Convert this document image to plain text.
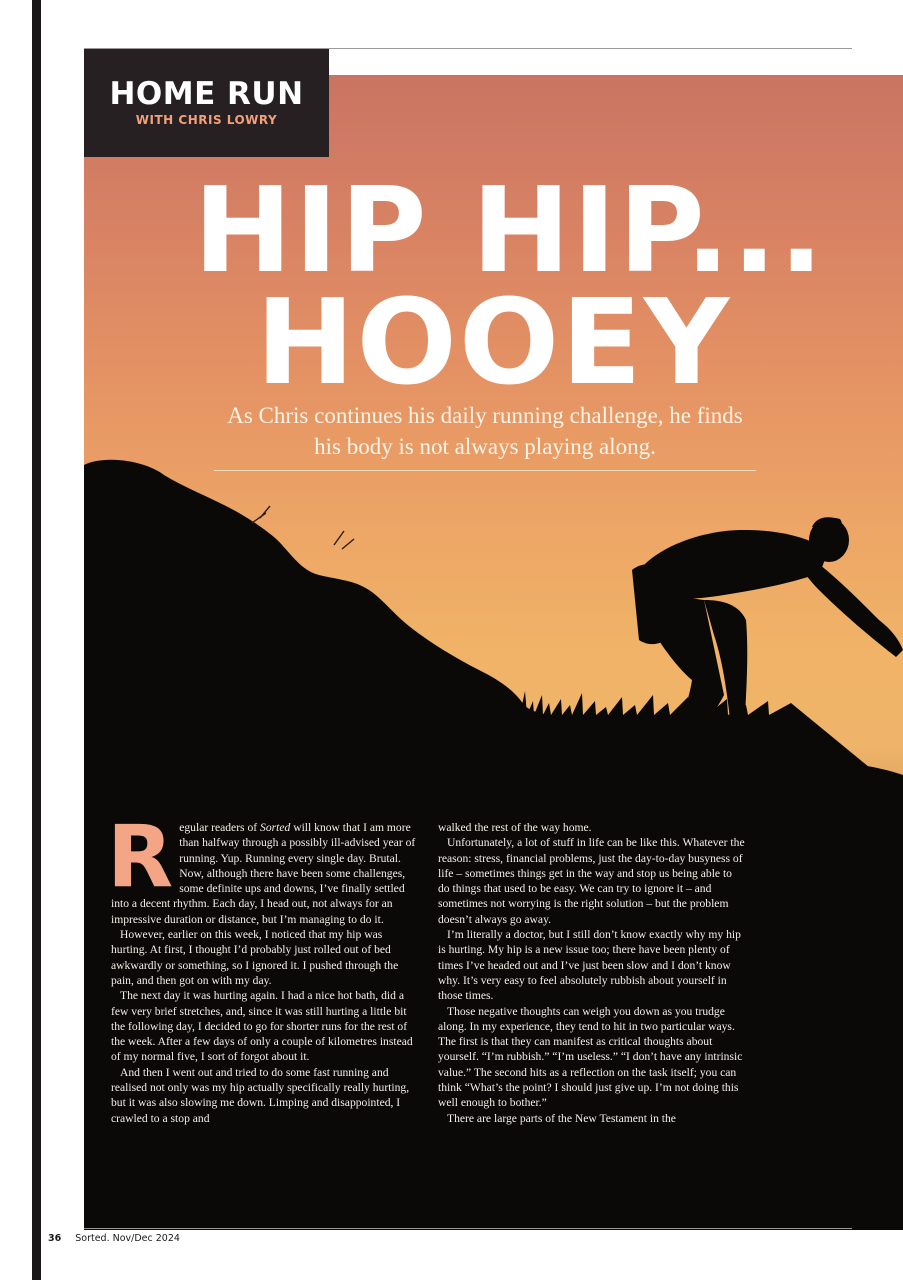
HOME RUN
WITH CHRIS LOWRY
HIP HIP...
HOOEY
As Chris continues his daily running challenge, he finds his body is not always playing along.

Regular readers of Sorted will know that I am more than halfway through a possibly ill-advised year of running. Yup. Running every single day. Brutal. Now, although there have been some challenges, some definite ups and downs, I’ve finally settled into a decent rhythm. Each day, I head out, not always for an impressive duration or distance, but I’m managing to do it.

However, earlier on this week, I noticed that my hip was hurting. At first, I thought I’d probably just rolled out of bed awkwardly or something, so I ignored it. I pushed through the pain, and then got on with my day.

The next day it was hurting again. I had a nice hot bath, did a few very brief stretches, and, since it was still hurting a little bit the following day, I decided to go for shorter runs for the rest of the week. After a few days of only a couple of kilometres instead of my normal five, I sort of forgot about it.

And then I went out and tried to do some fast running and realised not only was my hip actually specifically really hurting, but it was also slowing me down. Limping and disappointed, I crawled to a stop and

walked the rest of the way home.

Unfortunately, a lot of stuff in life can be like this. Whatever the reason: stress, financial problems, just the day-to-day busyness of life – sometimes things get in the way and stop us being able to do things that used to be easy. We can try to ignore it – and sometimes not worrying is the right solution – but the problem doesn’t always go away.

I’m literally a doctor, but I still don’t know exactly why my hip is hurting. My hip is a new issue too; there have been plenty of times I’ve headed out and I’ve just been slow and I don’t know why. It’s very easy to feel absolutely rubbish about yourself in those times.

Those negative thoughts can weigh you down as you trudge along. In my experience, they tend to hit in two particular ways. The first is that they can manifest as critical thoughts about yourself. “I’m rubbish.” “I’m useless.” “I don’t have any intrinsic value.” The second hits as a reflection on the task itself; you can think “What’s the point? I should just give up. I’m not doing this well enough to bother.”

There are large parts of the New Testament in the

36 Sorted. Nov/Dec 2024
